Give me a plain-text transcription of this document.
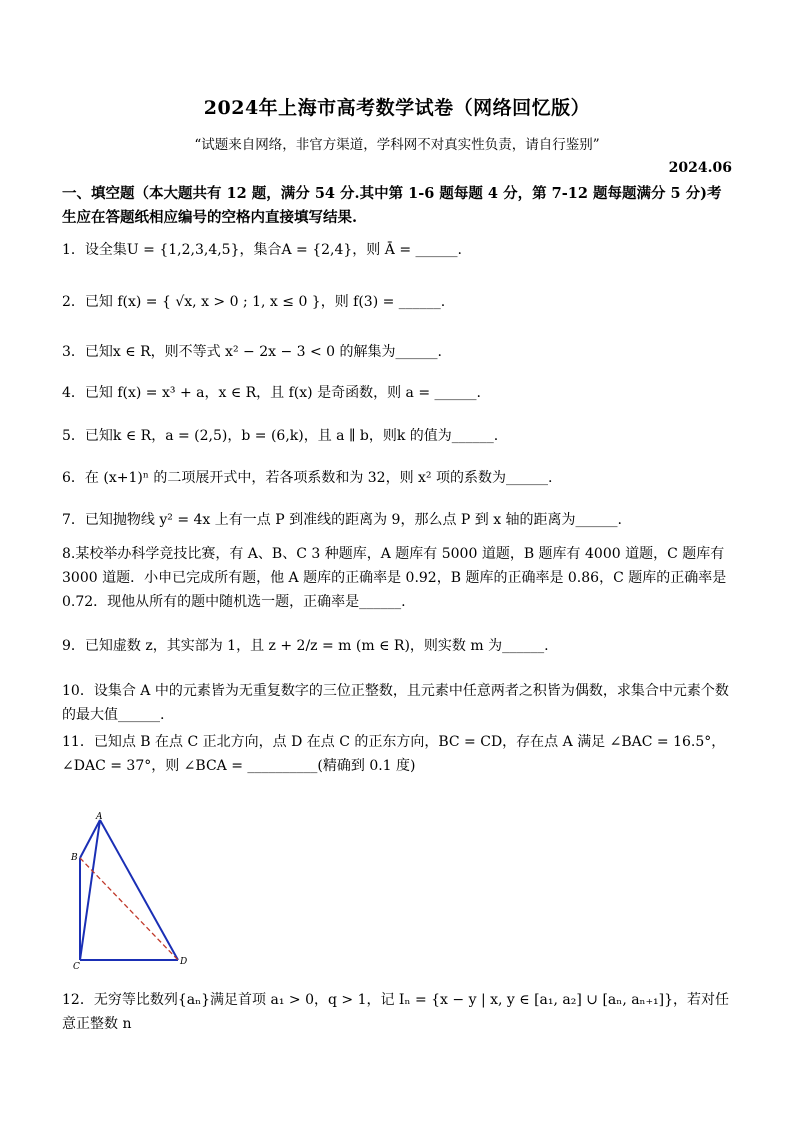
2024年上海市高考数学试卷（网络回忆版）
“试题来自网络，非官方渠道，学科网不对真实性负责，请自行鉴别”
2024.06
一、填空题（本大题共有 12 题，满分 54 分.其中第 1-6 题每题 4 分，第 7-12 题每题满分 5 分)考生应在答题纸相应编号的空格内直接填写结果.
1．设全集U = {1,2,3,4,5}，集合A = {2,4}，则 Ā = ______.
2．已知 f(x) = { √x, x > 0 ; 1, x ≤ 0 }，则 f(3) = ______.
3．已知x ∈ R，则不等式 x² − 2x − 3 < 0 的解集为______.
4．已知 f(x) = x³ + a，x ∈ R，且 f(x) 是奇函数，则 a = ______.
5．已知k ∈ R，a = (2,5)，b = (6,k)，且 a ∥ b，则k 的值为______.
6．在 (x+1)ⁿ 的二项展开式中，若各项系数和为 32，则 x² 项的系数为______.
7．已知抛物线 y² = 4x 上有一点 P 到准线的距离为 9，那么点 P 到 x 轴的距离为______.
8.某校举办科学竞技比赛，有 A、B、C 3 种题库，A 题库有 5000 道题，B 题库有 4000 道题，C 题库有 3000 道题．小申已完成所有题，他 A 题库的正确率是 0.92，B 题库的正确率是 0.86，C 题库的正确率是 0.72．现他从所有的题中随机选一题，正确率是______.
9．已知虚数 z，其实部为 1，且 z + 2/z = m (m ∈ R)，则实数 m 为______.
10．设集合 A 中的元素皆为无重复数字的三位正整数，且元素中任意两者之积皆为偶数，求集合中元素个数的最大值______.
11．已知点 B 在点 C 正北方向，点 D 在点 C 的正东方向，BC = CD，存在点 A 满足 ∠BAC = 16.5°，∠DAC = 37°，则 ∠BCA = __________(精确到 0.1 度)
A
B
C	D
12．无穷等比数列{aₙ}满足首项 a₁ > 0，q > 1，记 Iₙ = {x − y | x, y ∈ [a₁, a₂] ∪ [aₙ, aₙ₊₁]}，若对任意正整数 n
